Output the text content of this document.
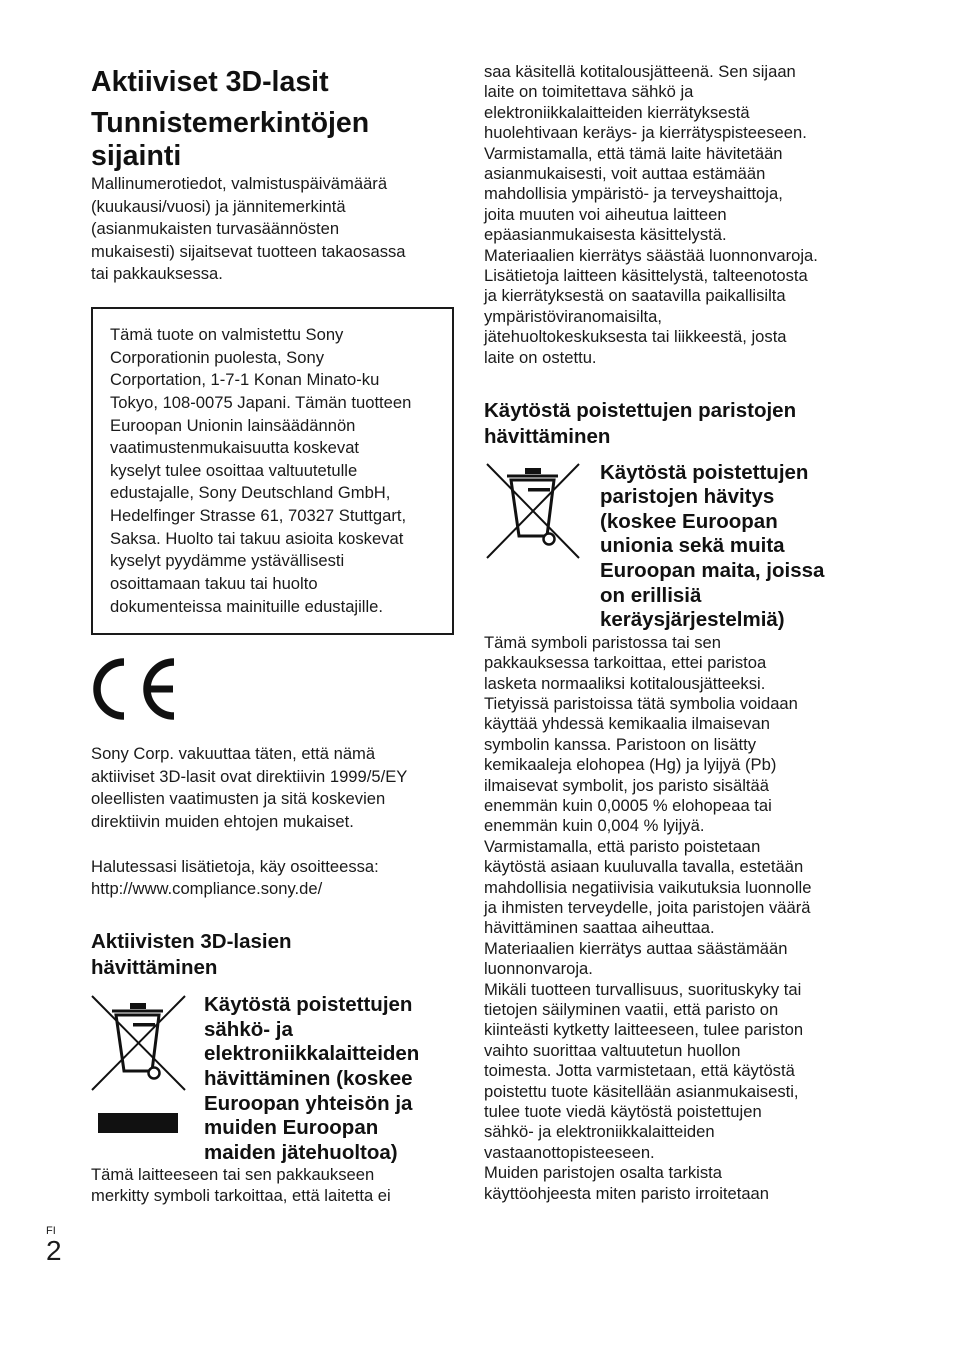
Aktiiviset 3D-lasit
Tunnistemerkintöjen
sijainti

Mallinumerotiedot, valmistuspäivämäärä
(kuukausi/vuosi) ja jännitemerkintä
(asianmukaisten turvasäännösten
mukaisesti) sijaitsevat tuotteen takaosassa
tai pakkauksessa.

Tämä tuote on valmistettu Sony
Corporationin puolesta, Sony
Corportation, 1-7-1 Konan Minato-ku
Tokyo, 108-0075 Japani. Tämän tuotteen
Euroopan Unionin lainsäädännön
vaatimustenmukaisuutta koskevat
kyselyt tulee osoittaa valtuutetulle
edustajalle, Sony Deutschland GmbH,
Hedelfinger Strasse 61, 70327 Stuttgart,
Saksa. Huolto tai takuu asioita koskevat
kyselyt pyydämme ystävällisesti
osoittamaan takuu tai huolto
dokumenteissa mainituille edustajille.

Sony Corp. vakuuttaa täten, että nämä
aktiiviset 3D-lasit ovat direktiivin 1999/5/EY
oleellisten vaatimusten ja sitä koskevien
direktiivin muiden ehtojen mukaiset.

Halutessasi lisätietoja, käy osoitteessa:
http://www.compliance.sony.de/

Aktiivisten 3D-lasien
hävittäminen
Käytöstä poistettujen
sähkö- ja
elektroniikkalaitteiden
hävittäminen (koskee
Euroopan yhteisön ja
muiden Euroopan
maiden jätehuoltoa)

Tämä laitteeseen tai sen pakkaukseen
merkitty symboli tarkoittaa, että laitetta ei

saa käsitellä kotitalousjätteenä. Sen sijaan
laite on toimitettava sähkö ja
elektroniikkalaitteiden kierrätyksestä
huolehtivaan keräys- ja kierrätyspisteeseen.
Varmistamalla, että tämä laite hävitetään
asianmukaisesti, voit auttaa estämään
mahdollisia ympäristö- ja terveyshaittoja,
joita muuten voi aiheutua laitteen
epäasianmukaisesta käsittelystä.
Materiaalien kierrätys säästää luonnonvaroja.
Lisätietoja laitteen käsittelystä, talteenotosta
ja kierrätyksestä on saatavilla paikallisilta
ympäristöviranomaisilta,
jätehuoltokeskuksesta tai liikkeestä, josta
laite on ostettu.

Käytöstä poistettujen paristojen
hävittäminen
Käytöstä poistettujen
paristojen hävitys
(koskee Euroopan
unionia sekä muita
Euroopan maita, joissa
on erillisiä
keräysjärjestelmiä)

Tämä symboli paristossa tai sen
pakkauksessa tarkoittaa, ettei paristoa
lasketa normaaliksi kotitalousjätteeksi.
Tietyissä paristoissa tätä symbolia voidaan
käyttää yhdessä kemikaalia ilmaisevan
symbolin kanssa. Paristoon on lisätty
kemikaaleja elohopea (Hg) ja lyijyä (Pb)
ilmaisevat symbolit, jos paristo sisältää
enemmän kuin 0,0005 % elohopeaa tai
enemmän kuin 0,004 % lyijyä.
Varmistamalla, että paristo poistetaan
käytöstä asiaan kuuluvalla tavalla, estetään
mahdollisia negatiivisia vaikutuksia luonnolle
ja ihmisten terveydelle, joita paristojen väärä
hävittäminen saattaa aiheuttaa.
Materiaalien kierrätys auttaa säästämään
luonnonvaroja.
Mikäli tuotteen turvallisuus, suorituskyky tai
tietojen säilyminen vaatii, että paristo on
kiinteästi kytketty laitteeseen, tulee pariston
vaihto suorittaa valtuutetun huollon
toimesta. Jotta varmistetaan, että käytöstä
poistettu tuote käsitellään asianmukaisesti,
tulee tuote viedä käytöstä poistettujen
sähkö- ja elektroniikkalaitteiden
vastaanottopisteeseen.
Muiden paristojen osalta tarkista
käyttöohjeesta miten paristo irroitetaan

FI
2
